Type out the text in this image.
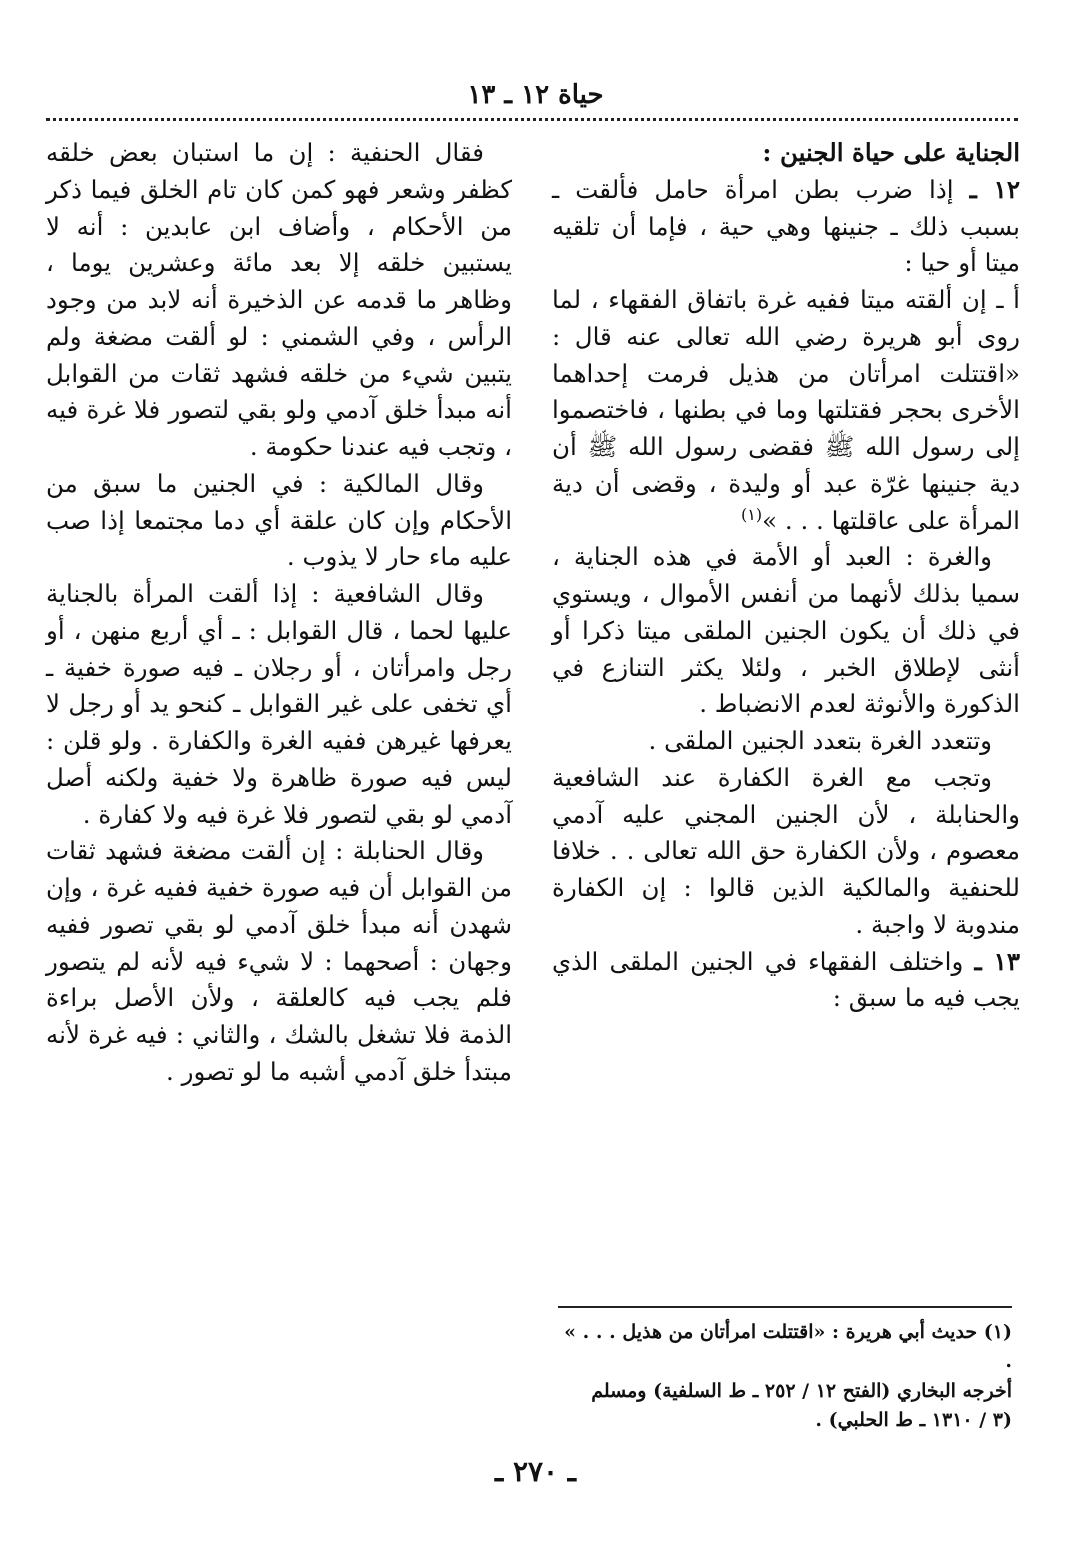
حياة ١٢ ـ ١٣

الجناية على حياة الجنين :

١٢ ـ إذا ضرب بطن امرأة حامل فألقت ـ بسبب ذلك ـ جنينها وهي حية ، فإما أن تلقيه ميتا أو حيا :

أ ـ إن ألقته ميتا ففيه غرة باتفاق الفقهاء ، لما روى أبو هريرة رضي الله تعالى عنه قال : «اقتتلت امرأتان من هذيل فرمت إحداهما الأخرى بحجر فقتلتها وما في بطنها ، فاختصموا إلى رسول الله ﷺ فقضى رسول الله ﷺ أن دية جنينها غرّة عبد أو وليدة ، وقضى أن دية المرأة على عاقلتها . . . »$^{(١)}$

والغرة : العبد أو الأمة في هذه الجناية ، سميا بذلك لأنهما من أنفس الأموال ، ويستوي في ذلك أن يكون الجنين الملقى ميتا ذكرا أو أنثى لإطلاق الخبر ، ولئلا يكثر التنازع في الذكورة والأنوثة لعدم الانضباط .

وتتعدد الغرة بتعدد الجنين الملقى .

وتجب مع الغرة الكفارة عند الشافعية والحنابلة ، لأن الجنين المجني عليه آدمي معصوم ، ولأن الكفارة حق الله تعالى . . خلافا للحنفية والمالكية الذين قالوا : إن الكفارة مندوبة لا واجبة .

١٣ ـ واختلف الفقهاء في الجنين الملقى الذي يجب فيه ما سبق :

فقال الحنفية : إن ما استبان بعض خلقه كظفر وشعر فهو كمن كان تام الخلق فيما ذكر من الأحكام ، وأضاف ابن عابدين : أنه لا يستبين خلقه إلا بعد مائة وعشرين يوما ، وظاهر ما قدمه عن الذخيرة أنه لابد من وجود الرأس ، وفي الشمني : لو ألقت مضغة ولم يتبين شيء من خلقه فشهد ثقات من القوابل أنه مبدأ خلق آدمي ولو بقي لتصور فلا غرة فيه ، وتجب فيه عندنا حكومة .

وقال المالكية : في الجنين ما سبق من الأحكام وإن كان علقة أي دما مجتمعا إذا صب عليه ماء حار لا يذوب .

وقال الشافعية : إذا ألقت المرأة بالجناية عليها لحما ، قال القوابل : ـ أي أربع منهن ، أو رجل وامرأتان ، أو رجلان ـ فيه صورة خفية ـ أي تخفى على غير القوابل ـ كنحو يد أو رجل لا يعرفها غيرهن ففيه الغرة والكفارة . ولو قلن : ليس فيه صورة ظاهرة ولا خفية ولكنه أصل آدمي لو بقي لتصور فلا غرة فيه ولا كفارة .

وقال الحنابلة : إن ألقت مضغة فشهد ثقات من القوابل أن فيه صورة خفية ففيه غرة ، وإن شهدن أنه مبدأ خلق آدمي لو بقي تصور ففيه وجهان : أصحهما : لا شيء فيه لأنه لم يتصور فلم يجب فيه كالعلقة ، ولأن الأصل براءة الذمة فلا تشغل بالشك ، والثاني : فيه غرة لأنه مبتدأ خلق آدمي أشبه ما لو تصور .

(١) حديث أبي هريرة : «اقتتلت امرأتان من هذيل . . . » .

أخرجه البخاري (الفتح ١٢ / ٢٥٢ ـ ط السلفية) ومسلم

(٣ / ١٣١٠ ـ ط الحلبي) .

ـ ٢٧٠ ـ
